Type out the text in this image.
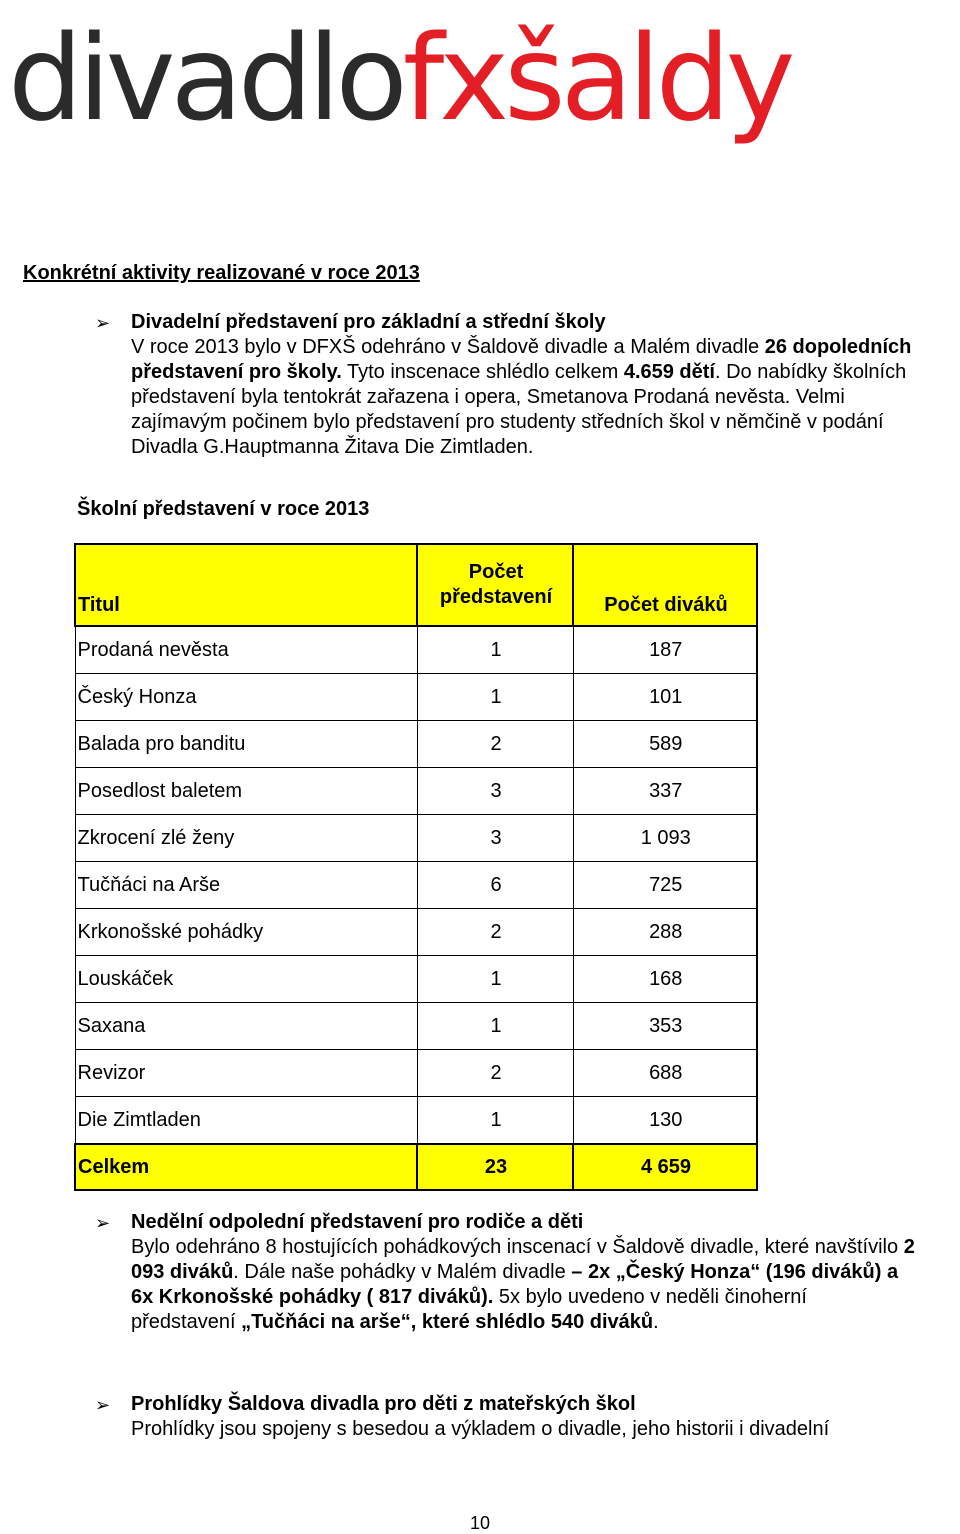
divadlo fxšaldy
Konkrétní aktivity realizované v roce 2013
➢ Divadelní představení pro základní a střední školy
V roce 2013 bylo v DFXŠ odehráno v Šaldově divadle a Malém divadle 26 dopoledních představení pro školy. Tyto inscenace shlédlo celkem 4.659 dětí. Do nabídky školních představení byla tentokrát zařazena i opera, Smetanova Prodaná nevěsta. Velmi zajímavým počinem bylo představení pro studenty středních škol v němčině v podání Divadla G.Hauptmanna Žitava Die Zimtladen.
Školní představení v roce 2013
Titul	Počet představení	Počet diváků
Prodaná nevěsta	1	187
Český Honza	1	101
Balada pro banditu	2	589
Posedlost baletem	3	337
Zkrocení zlé ženy	3	1 093
Tučňáci na Arše	6	725
Krkonošské pohádky	2	288
Louskáček	1	168
Saxana	1	353
Revizor	2	688
Die Zimtladen	1	130
Celkem	23	4 659
➢ Nedělní odpolední představení pro rodiče a děti
Bylo odehráno 8 hostujících pohádkových inscenací v Šaldově divadle, které navštívilo 2 093 diváků. Dále naše pohádky v Malém divadle – 2x „Český Honza“ (196 diváků) a 6x Krkonošské pohádky ( 817 diváků). 5x bylo uvedeno v neděli činoherní představení „Tučňáci na arše“, které shlédlo 540 diváků.
➢ Prohlídky Šaldova divadla pro děti z mateřských škol
Prohlídky jsou spojeny s besedou a výkladem o divadle, jeho historii i divadelní
10
